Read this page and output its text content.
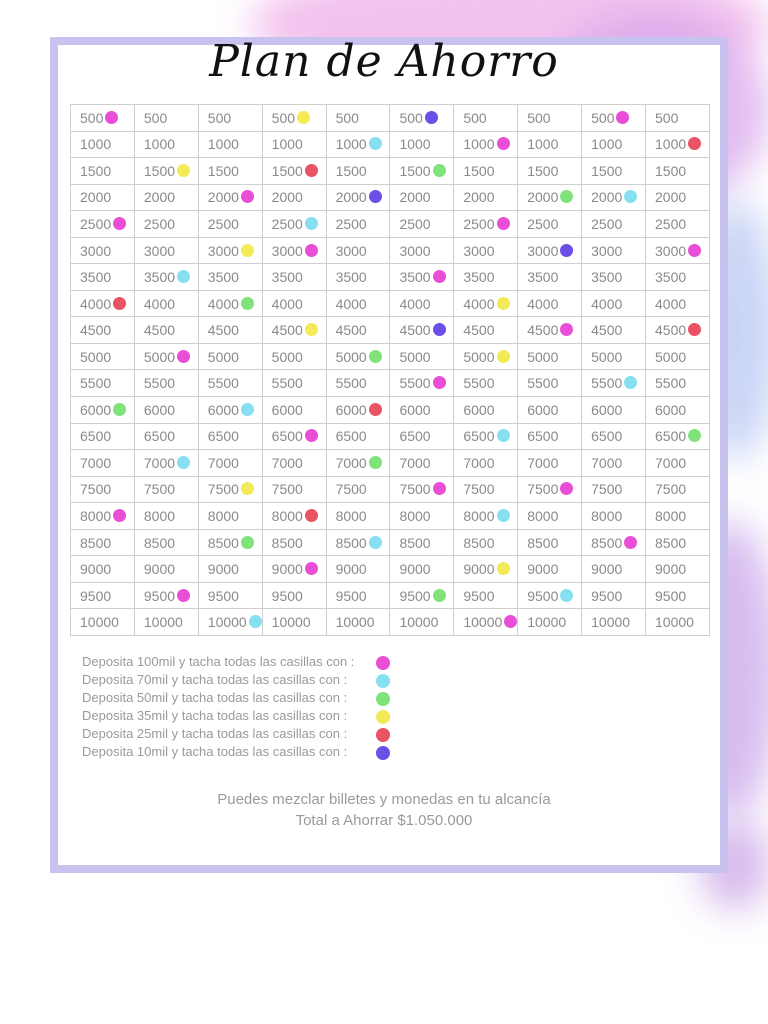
Plan de Ahorro
500	500	500	500	500	500	500	500	500	500
1000	1000	1000	1000	1000	1000	1000	1000	1000	1000
1500	1500	1500	1500	1500	1500	1500	1500	1500	1500
2000	2000	2000	2000	2000	2000	2000	2000	2000	2000
2500	2500	2500	2500	2500	2500	2500	2500	2500	2500
3000	3000	3000	3000	3000	3000	3000	3000	3000	3000
3500	3500	3500	3500	3500	3500	3500	3500	3500	3500
4000	4000	4000	4000	4000	4000	4000	4000	4000	4000
4500	4500	4500	4500	4500	4500	4500	4500	4500	4500
5000	5000	5000	5000	5000	5000	5000	5000	5000	5000
5500	5500	5500	5500	5500	5500	5500	5500	5500	5500
6000	6000	6000	6000	6000	6000	6000	6000	6000	6000
6500	6500	6500	6500	6500	6500	6500	6500	6500	6500
7000	7000	7000	7000	7000	7000	7000	7000	7000	7000
7500	7500	7500	7500	7500	7500	7500	7500	7500	7500
8000	8000	8000	8000	8000	8000	8000	8000	8000	8000
8500	8500	8500	8500	8500	8500	8500	8500	8500	8500
9000	9000	9000	9000	9000	9000	9000	9000	9000	9000
9500	9500	9500	9500	9500	9500	9500	9500	9500	9500
10000	10000	10000	10000	10000	10000	10000	10000	10000	10000
Deposita 100mil y tacha todas las casillas con :
Deposita 70mil y tacha todas las casillas con :
Deposita 50mil y tacha todas las casillas con :
Deposita 35mil y tacha todas las casillas con :
Deposita 25mil y tacha todas las casillas con :
Deposita 10mil y tacha todas las casillas con :
Puedes mezclar billetes y monedas en tu alcancía
Total a Ahorrar $1.050.000
